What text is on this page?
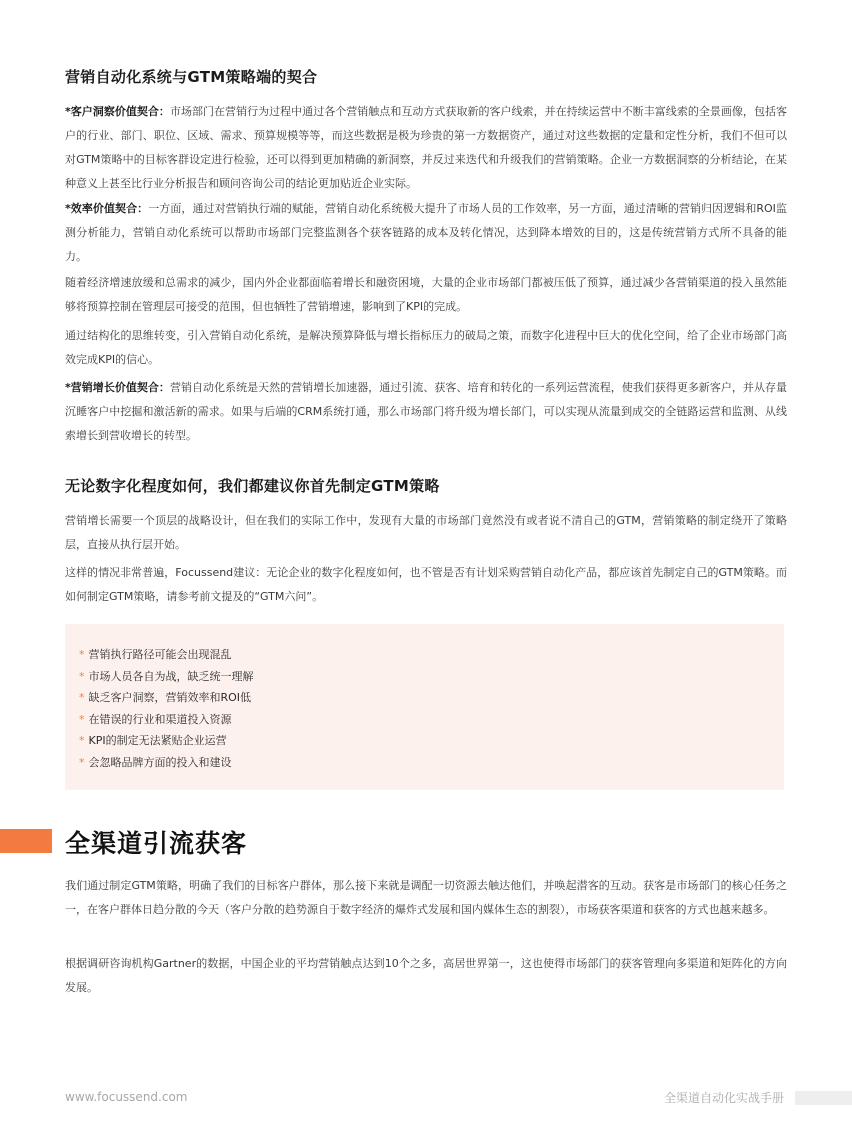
营销自动化系统与GTM策略端的契合

*客户洞察价值契合：市场部门在营销行为过程中通过各个营销触点和互动方式获取新的客户线索，并在持续运营中不断丰富线索的全景画像，包括客户的行业、部门、职位、区域、需求、预算规模等等，而这些数据是极为珍贵的第一方数据资产，通过对这些数据的定量和定性分析，我们不但可以对GTM策略中的目标客群设定进行检验，还可以得到更加精确的新洞察，并反过来迭代和升级我们的营销策略。企业一方数据洞察的分析结论，在某种意义上甚至比行业分析报告和顾问咨询公司的结论更加贴近企业实际。

*效率价值契合：一方面，通过对营销执行端的赋能，营销自动化系统极大提升了市场人员的工作效率，另一方面，通过清晰的营销归因逻辑和ROI监测分析能力，营销自动化系统可以帮助市场部门完整监测各个获客链路的成本及转化情况，达到降本增效的目的，这是传统营销方式所不具备的能力。

随着经济增速放缓和总需求的减少，国内外企业都面临着增长和融资困境，大量的企业市场部门都被压低了预算，通过减少各营销渠道的投入虽然能够将预算控制在管理层可接受的范围，但也牺牲了营销增速，影响到了KPI的完成。

通过结构化的思维转变，引入营销自动化系统，是解决预算降低与增长指标压力的破局之策，而数字化进程中巨大的优化空间，给了企业市场部门高效完成KPI的信心。

*营销增长价值契合：营销自动化系统是天然的营销增长加速器，通过引流、获客、培育和转化的一系列运营流程，使我们获得更多新客户，并从存量沉睡客户中挖掘和激活新的需求。如果与后端的CRM系统打通，那么市场部门将升级为增长部门，可以实现从流量到成交的全链路运营和监测、从线索增长到营收增长的转型。

无论数字化程度如何，我们都建议你首先制定GTM策略

营销增长需要一个顶层的战略设计，但在我们的实际工作中，发现有大量的市场部门竟然没有或者说不清自己的GTM，营销策略的制定绕开了策略层，直接从执行层开始。

这样的情况非常普遍，Focussend建议：无论企业的数字化程度如何，也不管是否有计划采购营销自动化产品，都应该首先制定自己的GTM策略。而如何制定GTM策略，请参考前文提及的“GTM六问”。

* 营销执行路径可能会出现混乱
* 市场人员各自为战，缺乏统一理解
* 缺乏客户洞察，营销效率和ROI低
* 在错误的行业和渠道投入资源
* KPI的制定无法紧贴企业运营
* 会忽略品牌方面的投入和建设
全渠道引流获客

我们通过制定GTM策略，明确了我们的目标客户群体，那么接下来就是调配一切资源去触达他们，并唤起潜客的互动。获客是市场部门的核心任务之一，在客户群体日趋分散的今天（客户分散的趋势源自于数字经济的爆炸式发展和国内媒体生态的割裂），市场获客渠道和获客的方式也越来越多。

根据调研咨询机构Gartner的数据，中国企业的平均营销触点达到10个之多，高居世界第一，这也使得市场部门的获客管理向多渠道和矩阵化的方向发展。

www.focussend.com	全渠道自动化实战手册
